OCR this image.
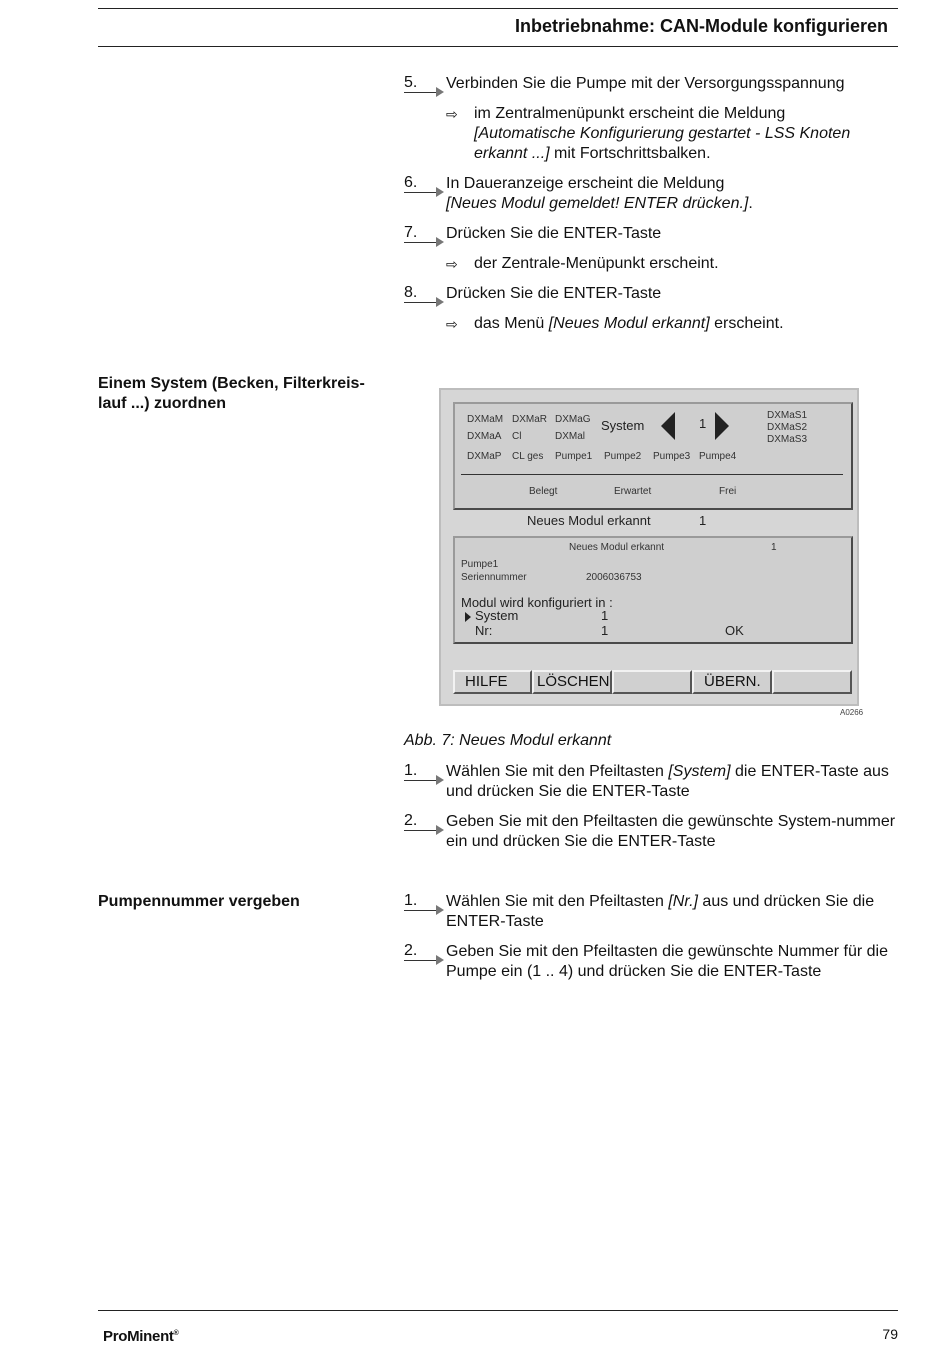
Inbetriebnahme: CAN-Module konfigurieren
5.	Verbinden Sie die Pumpe mit der Versorgungsspannung
⇨ im Zentralmenüpunkt erscheint die Meldung
[Automatische Konfigurierung gestartet - LSS Knoten erkannt ...] mit Fortschrittsbalken.
6.	In Daueranzeige erscheint die Meldung
[Neues Modul gemeldet! ENTER drücken.].
7.	Drücken Sie die ENTER-Taste
⇨ der Zentrale-Menüpunkt erscheint.
8.	Drücken Sie die ENTER-Taste
⇨ das Menü [Neues Modul erkannt] erscheint.
Einem System (Becken, Filterkreis-lauf ...) zuordnen
DXMaM DXMaR DXMaG
DXMaA Cl	DXMal
DXMaP CL ges Pumpe1 Pumpe2 Pumpe3 Pumpe4
System	1
DXMaS1
DXMaS2
DXMaS3
Belegt	Erwartet	Frei
Neues Modul erkannt	1
Neues Modul erkannt	1
Pumpe1
Seriennummer	2006036753
Modul wird konfiguriert in :
System	1
Nr:	1	OK
HILFE	LÖSCHEN	ÜBERN.
A0266
Abb. 7: Neues Modul erkannt
1.	Wählen Sie mit den Pfeiltasten [System] die ENTER-Taste aus und drücken Sie die ENTER-Taste
2.	Geben Sie mit den Pfeiltasten die gewünschte System-nummer ein und drücken Sie die ENTER-Taste
Pumpennummer vergeben	1.	Wählen Sie mit den Pfeiltasten [Nr.] aus und drücken Sie die ENTER-Taste
2.	Geben Sie mit den Pfeiltasten die gewünschte Nummer für die Pumpe ein (1 .. 4) und drücken Sie die ENTER-Taste
ProMinent®	79
